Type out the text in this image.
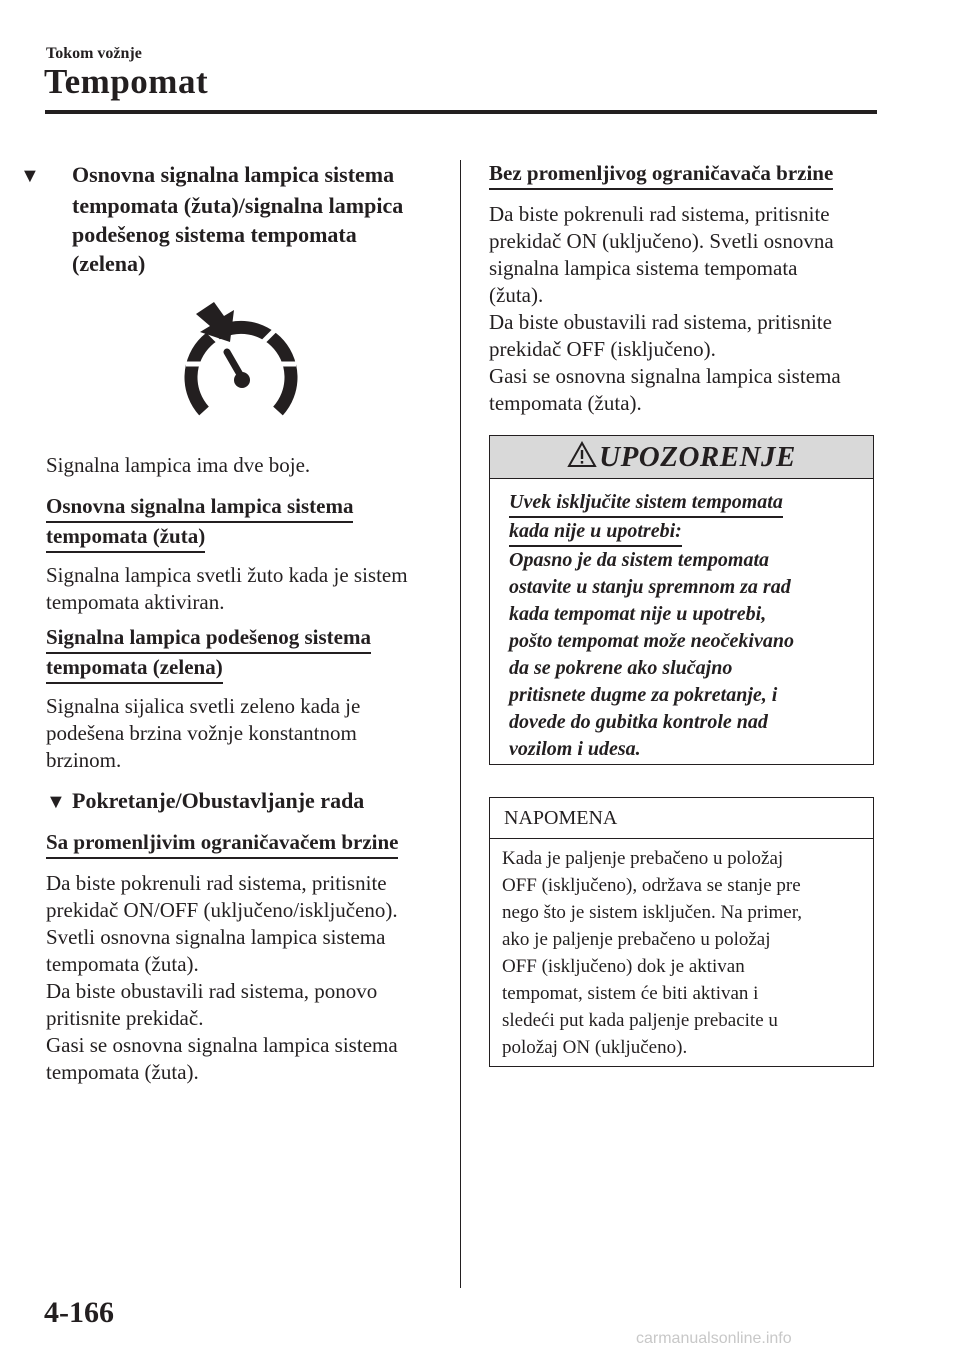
Tokom vožnje

Tempomat

▼ Osnovna signalna lampica sistema
tempomata (žuta)/signalna lampica
podešenog sistema tempomata
(zelena)

Signalna lampica ima dve boje.

Osnovna signalna lampica sistema
tempomata (žuta)

Signalna lampica svetli žuto kada je sistem
tempomata aktiviran.

Signalna lampica podešenog sistema
tempomata (zelena)

Signalna sijalica svetli zeleno kada je
podešena brzina vožnje konstantnom
brzinom.

▼ Pokretanje/Obustavljanje rada

Sa promenljivim ograničavačem brzine

Da biste pokrenuli rad sistema, pritisnite
prekidač ON/OFF (uključeno/isključeno).
Svetli osnovna signalna lampica sistema
tempomata (žuta).
Da biste obustavili rad sistema, ponovo
pritisnite prekidač.
Gasi se osnovna signalna lampica sistema
tempomata (žuta).

Bez promenljivog ograničavača brzine

Da biste pokrenuli rad sistema, pritisnite
prekidač ON (uključeno). Svetli osnovna
signalna lampica sistema tempomata
(žuta).
Da biste obustavili rad sistema, pritisnite
prekidač OFF (isključeno).
Gasi se osnovna signalna lampica sistema
tempomata (žuta).

UPOZORENJE
Uvek isključite sistem tempomata
kada nije u upotrebi:

Opasno je da sistem tempomata
ostavite u stanju spremnom za rad
kada tempomat nije u upotrebi,
pošto tempomat može neočekivano
da se pokrene ako slučajno
pritisnete dugme za pokretanje, i
dovede do gubitka kontrole nad
vozilom i udesa.

NAPOMENA

Kada je paljenje prebačeno u položaj
OFF (isključeno), održava se stanje pre
nego što je sistem isključen. Na primer,
ako je paljenje prebačeno u položaj
OFF (isključeno) dok je aktivan
tempomat, sistem će biti aktivan i
sledeći put kada paljenje prebacite u
položaj ON (uključeno).

4-166

carmanualsonline.info
